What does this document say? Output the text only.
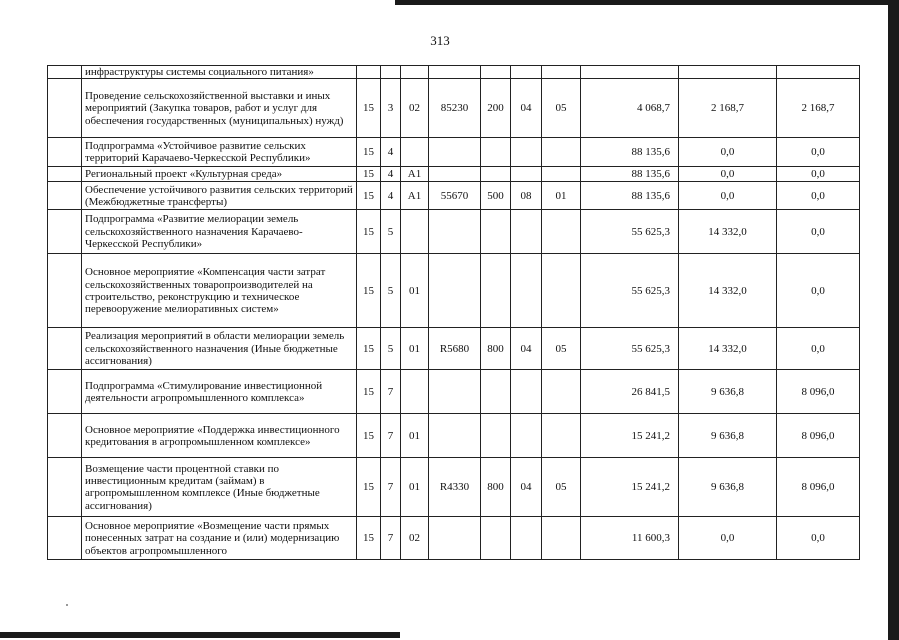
313
	инфраструктуры системы социального питания»										
	Проведение сельскохозяйственной выставки и иных мероприятий (Закупка товаров, работ и услуг для обеспечения государственных (муниципальных) нужд)	15	3	02	85230	200	04	05	4 068,7	2 168,7	2 168,7
	Подпрограмма «Устойчивое развитие сельских территорий Карачаево-Черкесской Республики»	15	4						88 135,6	0,0	0,0
	Региональный проект «Культурная среда»	15	4	А1					88 135,6	0,0	0,0
	Обеспечение устойчивого развития сельских территорий (Межбюджетные трансферты)	15	4	А1	55670	500	08	01	88 135,6	0,0	0,0
	Подпрограмма «Развитие мелиорации земель сельскохозяйственного назначения Карачаево-Черкесской Республики»	15	5						55 625,3	14 332,0	0,0
	Основное мероприятие «Компенсация части затрат сельскохозяйственных товаропроизводителей на строительство, реконструкцию и техническое перевооружение мелиоративных систем»	15	5	01					55 625,3	14 332,0	0,0
	Реализация мероприятий в области мелиорации земель сельскохозяйственного назначения (Иные бюджетные ассигнования)	15	5	01	R5680	800	04	05	55 625,3	14 332,0	0,0
	Подпрограмма «Стимулирование инвестиционной деятельности агропромышленного комплекса»	15	7						26 841,5	9 636,8	8 096,0
	Основное мероприятие «Поддержка инвестиционного кредитования в агропромышленном комплексе»	15	7	01					15 241,2	9 636,8	8 096,0
	Возмещение части процентной ставки по инвестиционным кредитам (займам) в агропромышленном комплексе (Иные бюджетные ассигнования)	15	7	01	R4330	800	04	05	15 241,2	9 636,8	8 096,0
	Основное мероприятие «Возмещение части прямых понесенных затрат на создание и (или) модернизацию объектов агропромышленного	15	7	02					11 600,3	0,0	0,0
